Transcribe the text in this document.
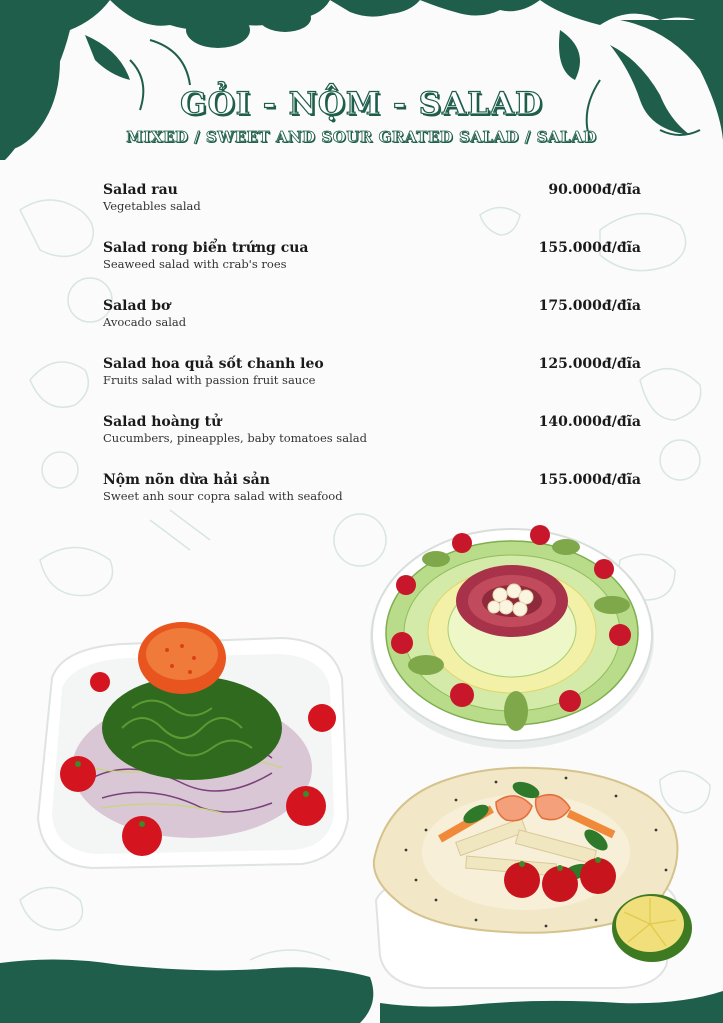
GỎI - NỘM - SALAD
MIXED / SWEET AND SOUR GRATED SALAD / SALAD
Salad rau
Vegetables salad
90.000đ/đĩa
Salad rong biển trứng cua
Seaweed salad with crab's roes
155.000đ/đĩa
Salad bơ
Avocado salad
175.000đ/đĩa
Salad hoa quả sốt chanh leo
Fruits salad with passion fruit sauce
125.000đ/đĩa
Salad hoàng tử
Cucumbers, pineapples, baby tomatoes salad
140.000đ/đĩa
Nộm nõn dừa hải sản
Sweet anh sour copra salad with seafood
155.000đ/đĩa
